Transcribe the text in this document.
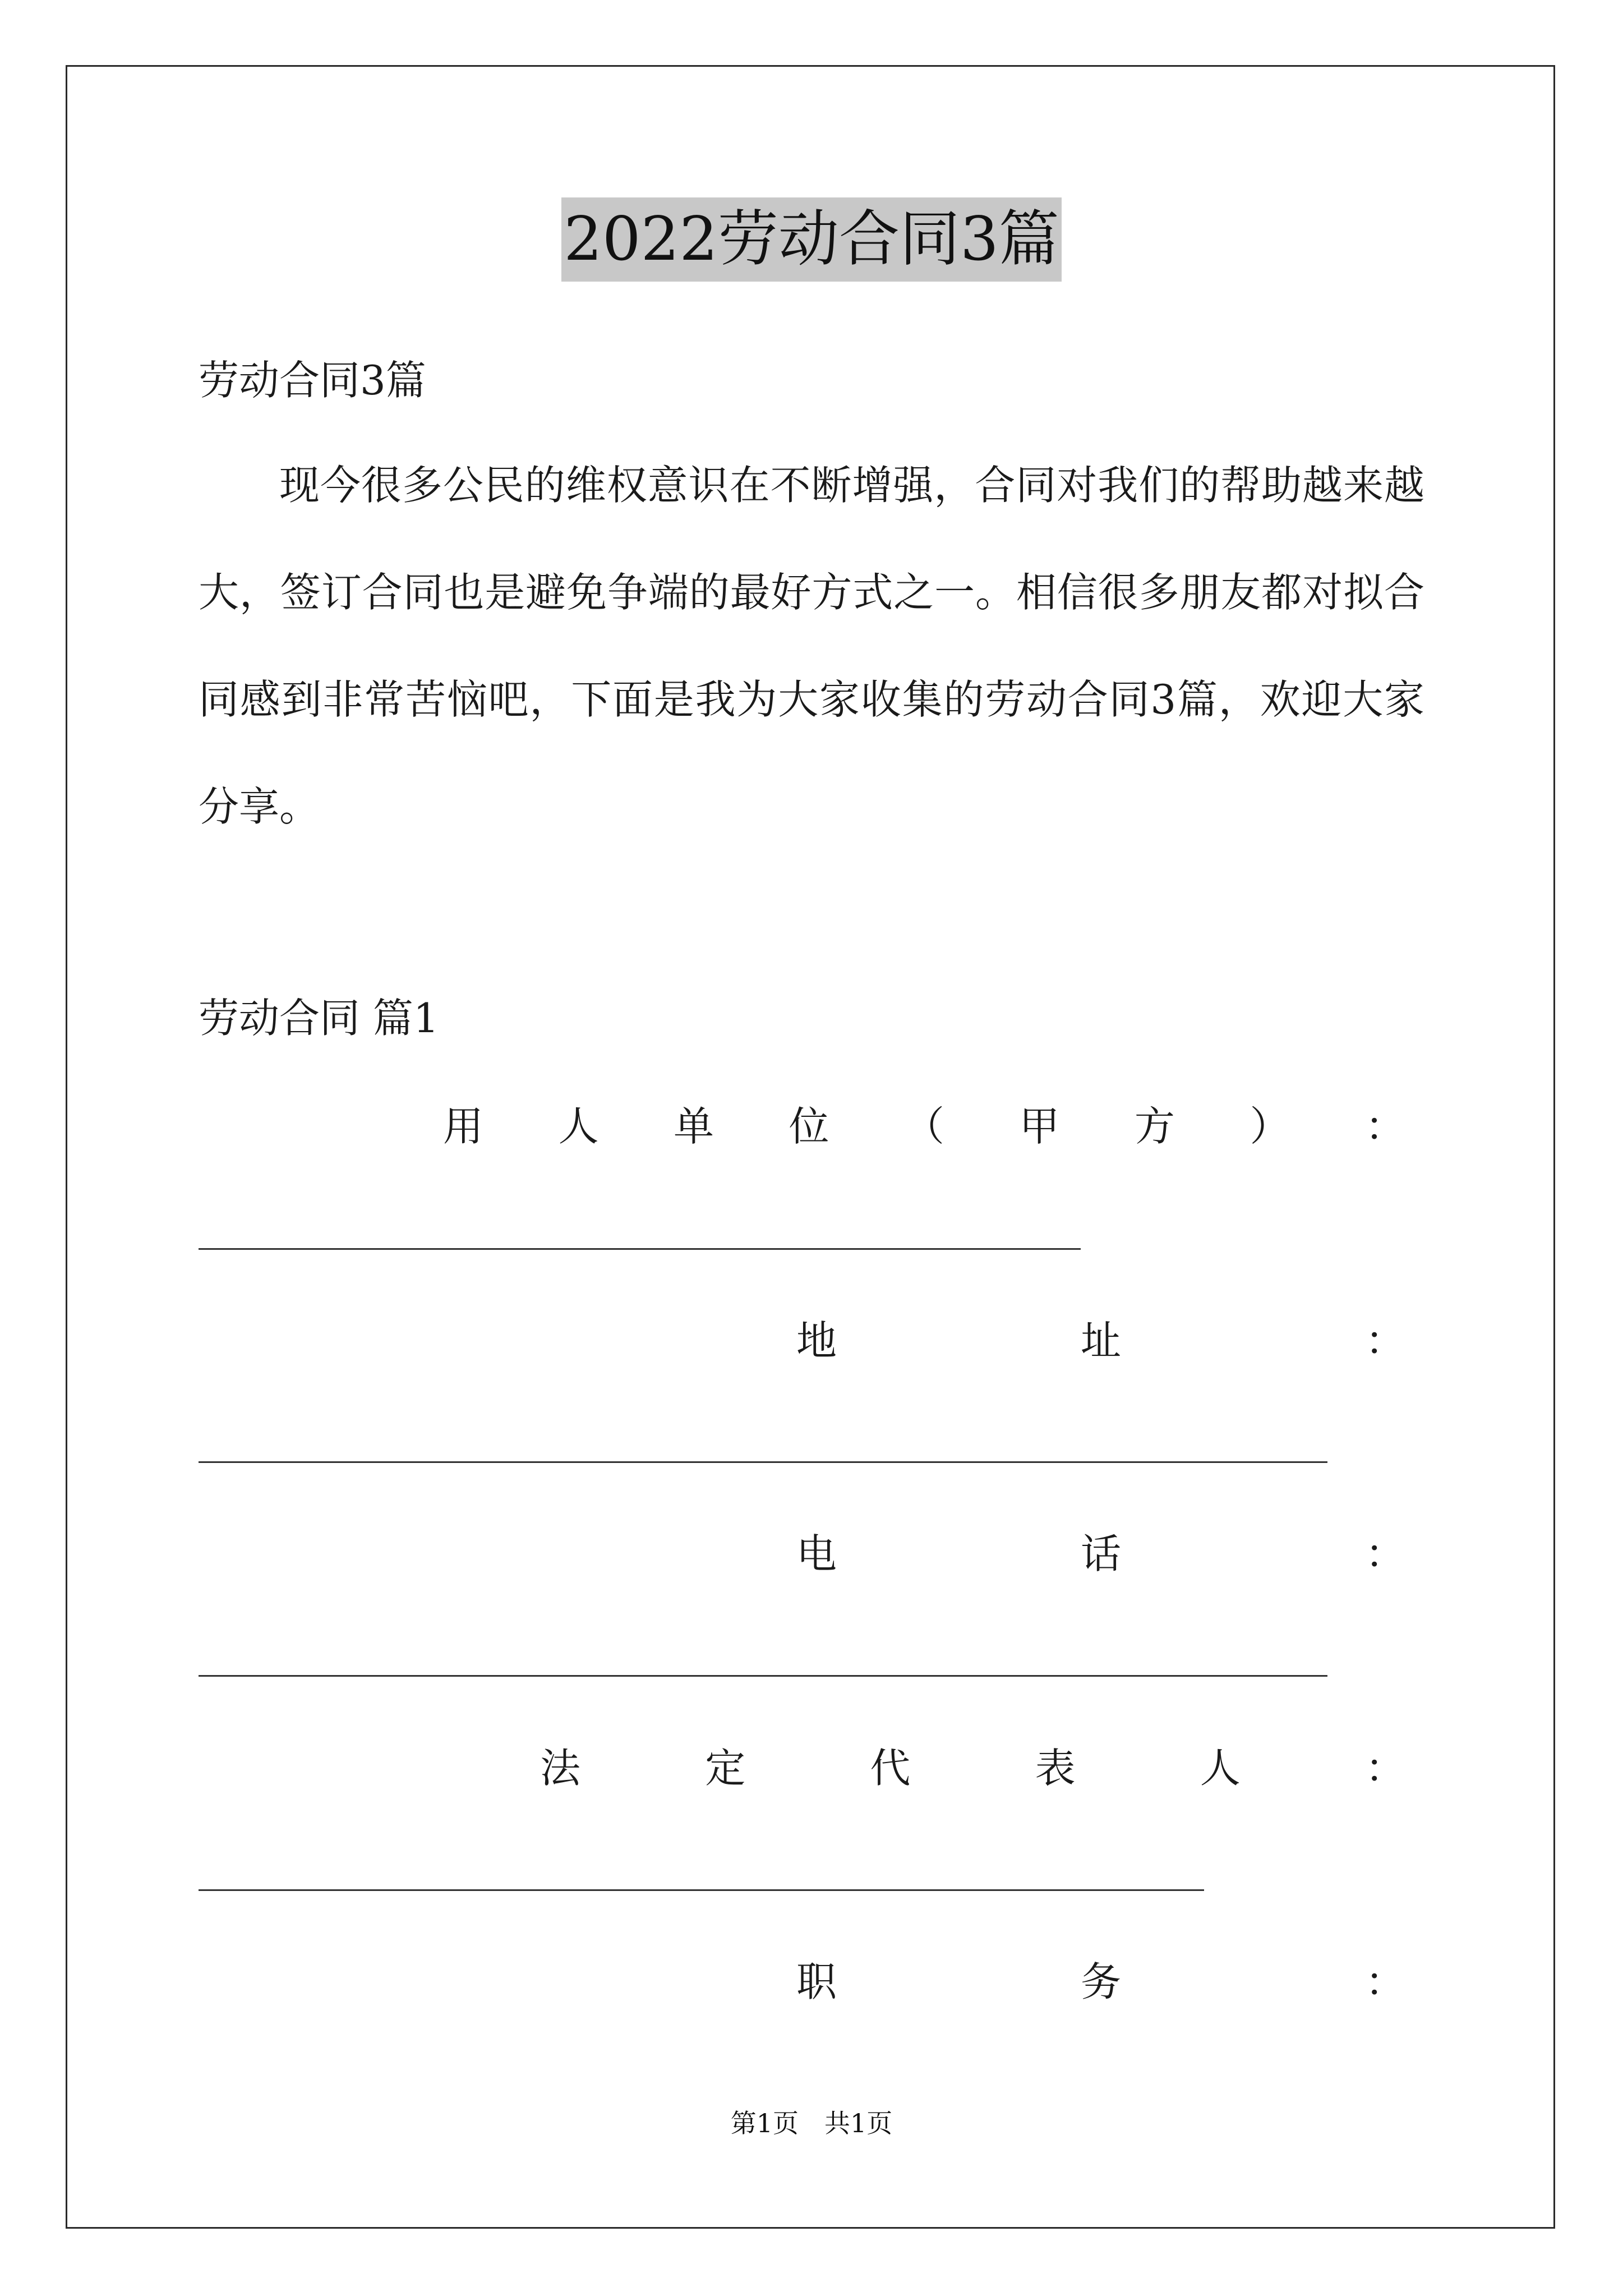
2022劳动合同3篇
劳动合同3篇
现今很多公民的维权意识在不断增强，合同对我们的帮助越来越大，签订合同也是避免争端的最好方式之一。相信很多朋友都对拟合同感到非常苦恼吧，下面是我为大家收集的劳动合同3篇，欢迎大家分享。
劳动合同 篇1
用 人 单 位 （ 甲 方 ） ：
地	址	：
电	话	：
法	定	代	表	人	：
职	务	：
第1页　共1页
